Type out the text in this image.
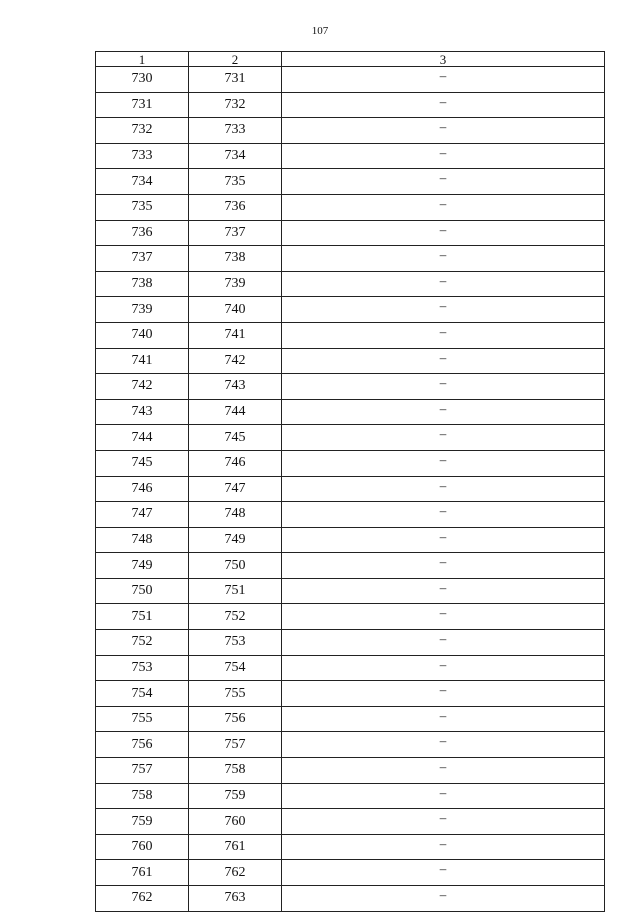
107
1	2	3
730	731	–
731	732	–
732	733	–
733	734	–
734	735	–
735	736	–
736	737	–
737	738	–
738	739	–
739	740	–
740	741	–
741	742	–
742	743	–
743	744	–
744	745	–
745	746	–
746	747	–
747	748	–
748	749	–
749	750	–
750	751	–
751	752	–
752	753	–
753	754	–
754	755	–
755	756	–
756	757	–
757	758	–
758	759	–
759	760	–
760	761	–
761	762	–
762	763	–
